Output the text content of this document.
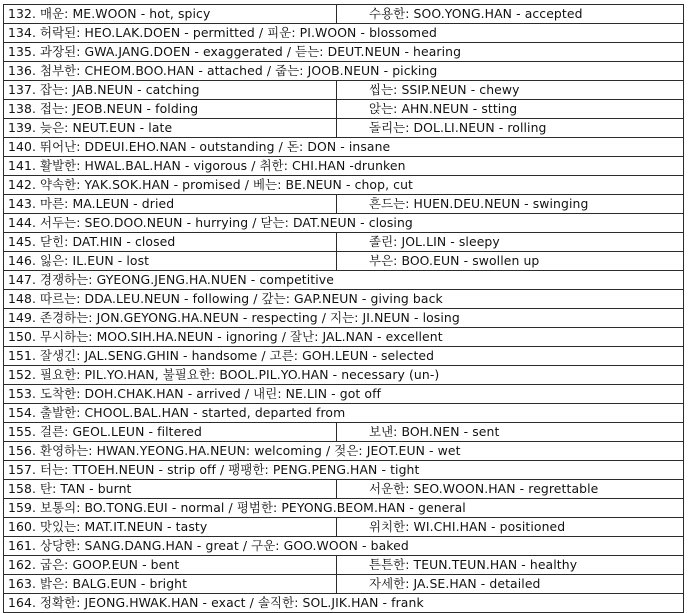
132. 매운: ME.WOON - hot, spicy	수용한: SOO.YONG.HAN - accepted
134. 허락된: HEO.LAK.DOEN - permitted / 피운: PI.WOON - blossomed	
135. 과장된: GWA.JANG.DOEN - exaggerated / 듣는: DEUT.NEUN - hearing	
136. 첨부한: CHEOM.BOO.HAN - attached / 줍는: JOOB.NEUN - picking	
137. 잡는: JAB.NEUN - catching	씹는: SSIP.NEUN - chewy
138. 접는: JEOB.NEUN - folding	앉는: AHN.NEUN - stting
139. 늦은: NEUT.EUN - late	돌리는: DOL.LI.NEUN - rolling
140. 뛰어난: DDEUI.EHO.NAN - outstanding / 돈: DON - insane	
141. 활발한: HWAL.BAL.HAN - vigorous / 취한: CHI.HAN -drunken	
142. 약속한: YAK.SOK.HAN - promised / 베는: BE.NEUN - chop, cut	
143. 마른: MA.LEUN - dried	흔드는: HUEN.DEU.NEUN - swinging
144. 서두는: SEO.DOO.NEUN - hurrying / 닫는: DAT.NEUN - closing	
145. 닫힌: DAT.HIN - closed	졸린: JOL.LIN - sleepy
146. 잃은: IL.EUN - lost	부은: BOO.EUN - swollen up
147. 경쟁하는: GYEONG.JENG.HA.NUEN - competitive	
148. 따르는: DDA.LEU.NEUN - following / 갚는: GAP.NEUN - giving back	
149. 존경하는: JON.GEYONG.HA.NEUN - respecting / 지는: JI.NEUN - losing	
150. 무시하는: MOO.SIH.HA.NEUN - ignoring / 잘난: JAL.NAN - excellent	
151. 잘생긴: JAL.SENG.GHIN - handsome / 고른: GOH.LEUN - selected	
152. 필요한: PIL.YO.HAN, 불필요한: BOOL.PIL.YO.HAN - necessary (un-)	
153. 도착한: DOH.CHAK.HAN - arrived / 내린: NE.LIN - got off	
154. 출발한: CHOOL.BAL.HAN - started, departed from	
155. 걸른: GEOL.LEUN - filtered	보낸: BOH.NEN - sent
156. 환영하는: HWAN.YEONG.HA.NEUN: welcoming / 젖은: JEOT.EUN - wet	
157. 터는: TTOEH.NEUN - strip off / 팽팽한: PENG.PENG.HAN - tight	
158. 탄: TAN - burnt	서운한: SEO.WOON.HAN - regrettable
159. 보통의: BO.TONG.EUI - normal / 평범한: PEYONG.BEOM.HAN - general	
160. 맛있는: MAT.IT.NEUN - tasty	위치한: WI.CHI.HAN - positioned
161. 상당한: SANG.DANG.HAN - great / 구운: GOO.WOON - baked	
162. 굽은: GOOP.EUN - bent	튼튼한: TEUN.TEUN.HAN - healthy
163. 밝은: BALG.EUN - bright	자세한: JA.SE.HAN - detailed
164. 정확한: JEONG.HWAK.HAN - exact / 솔직한: SOL.JIK.HAN - frank	
